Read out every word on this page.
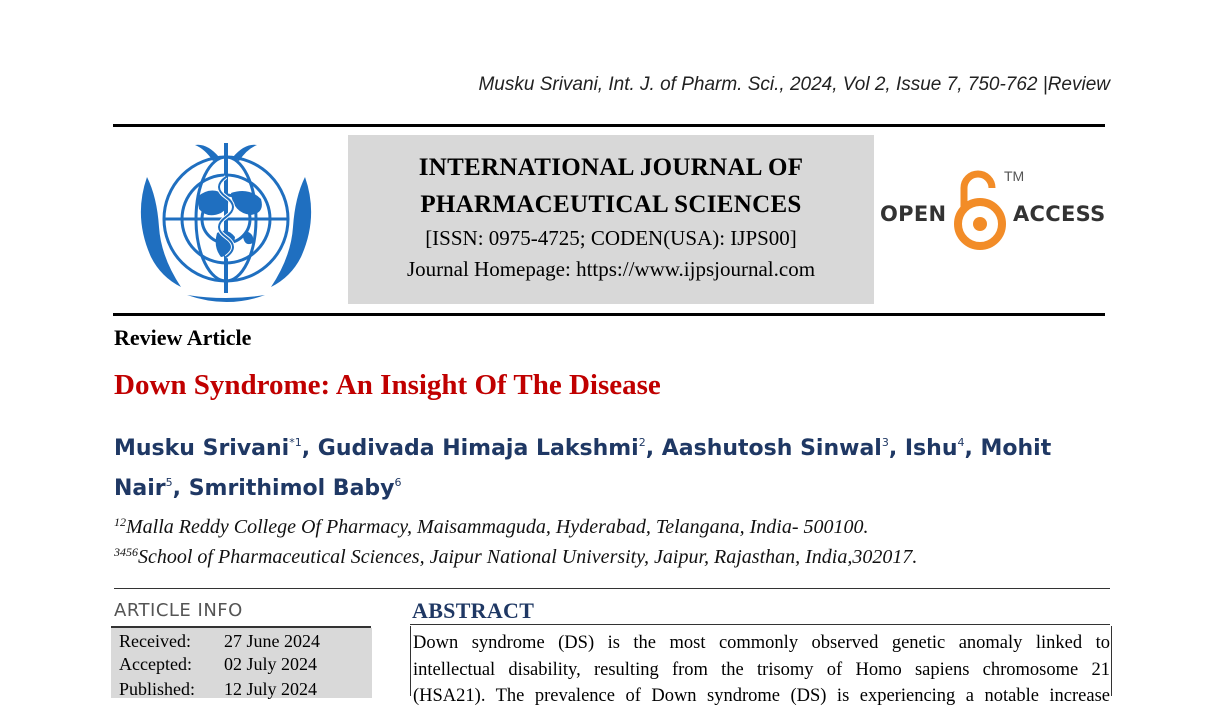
Musku Srivani, Int. J. of Pharm. Sci., 2024, Vol 2, Issue 7, 750-762 |Review
INTERNATIONAL JOURNAL OF
PHARMACEUTICAL SCIENCES
[ISSN: 0975-4725; CODEN(USA): IJPS00]
Journal Homepage: https://www.ijpsjournal.com
OPEN
TM
ACCESS
Review Article
Down Syndrome: An Insight Of The Disease
Musku Srivani$^{*1}$, Gudivada Himaja Lakshmi$^2$, Aashutosh Sinwal$^3$, Ishu$^4$, Mohit Nair$^5$, Smrithimol Baby$^6$
$^{12}$Malla Reddy College Of Pharmacy, Maisammaguda, Hyderabad, Telangana, India- 500100.
$^{3456}$School of Pharmaceutical Sciences, Jaipur National University, Jaipur, Rajasthan, India,302017.
ARTICLE INFO
Received: 27 June 2024
Accepted: 02 July 2024
Published: 12 July 2024
ABSTRACT
Down syndrome (DS) is the most commonly observed genetic anomaly linked to
intellectual disability, resulting from the trisomy of Homo sapiens chromosome 21
(HSA21). The prevalence of Down syndrome (DS) is experiencing a notable increase
